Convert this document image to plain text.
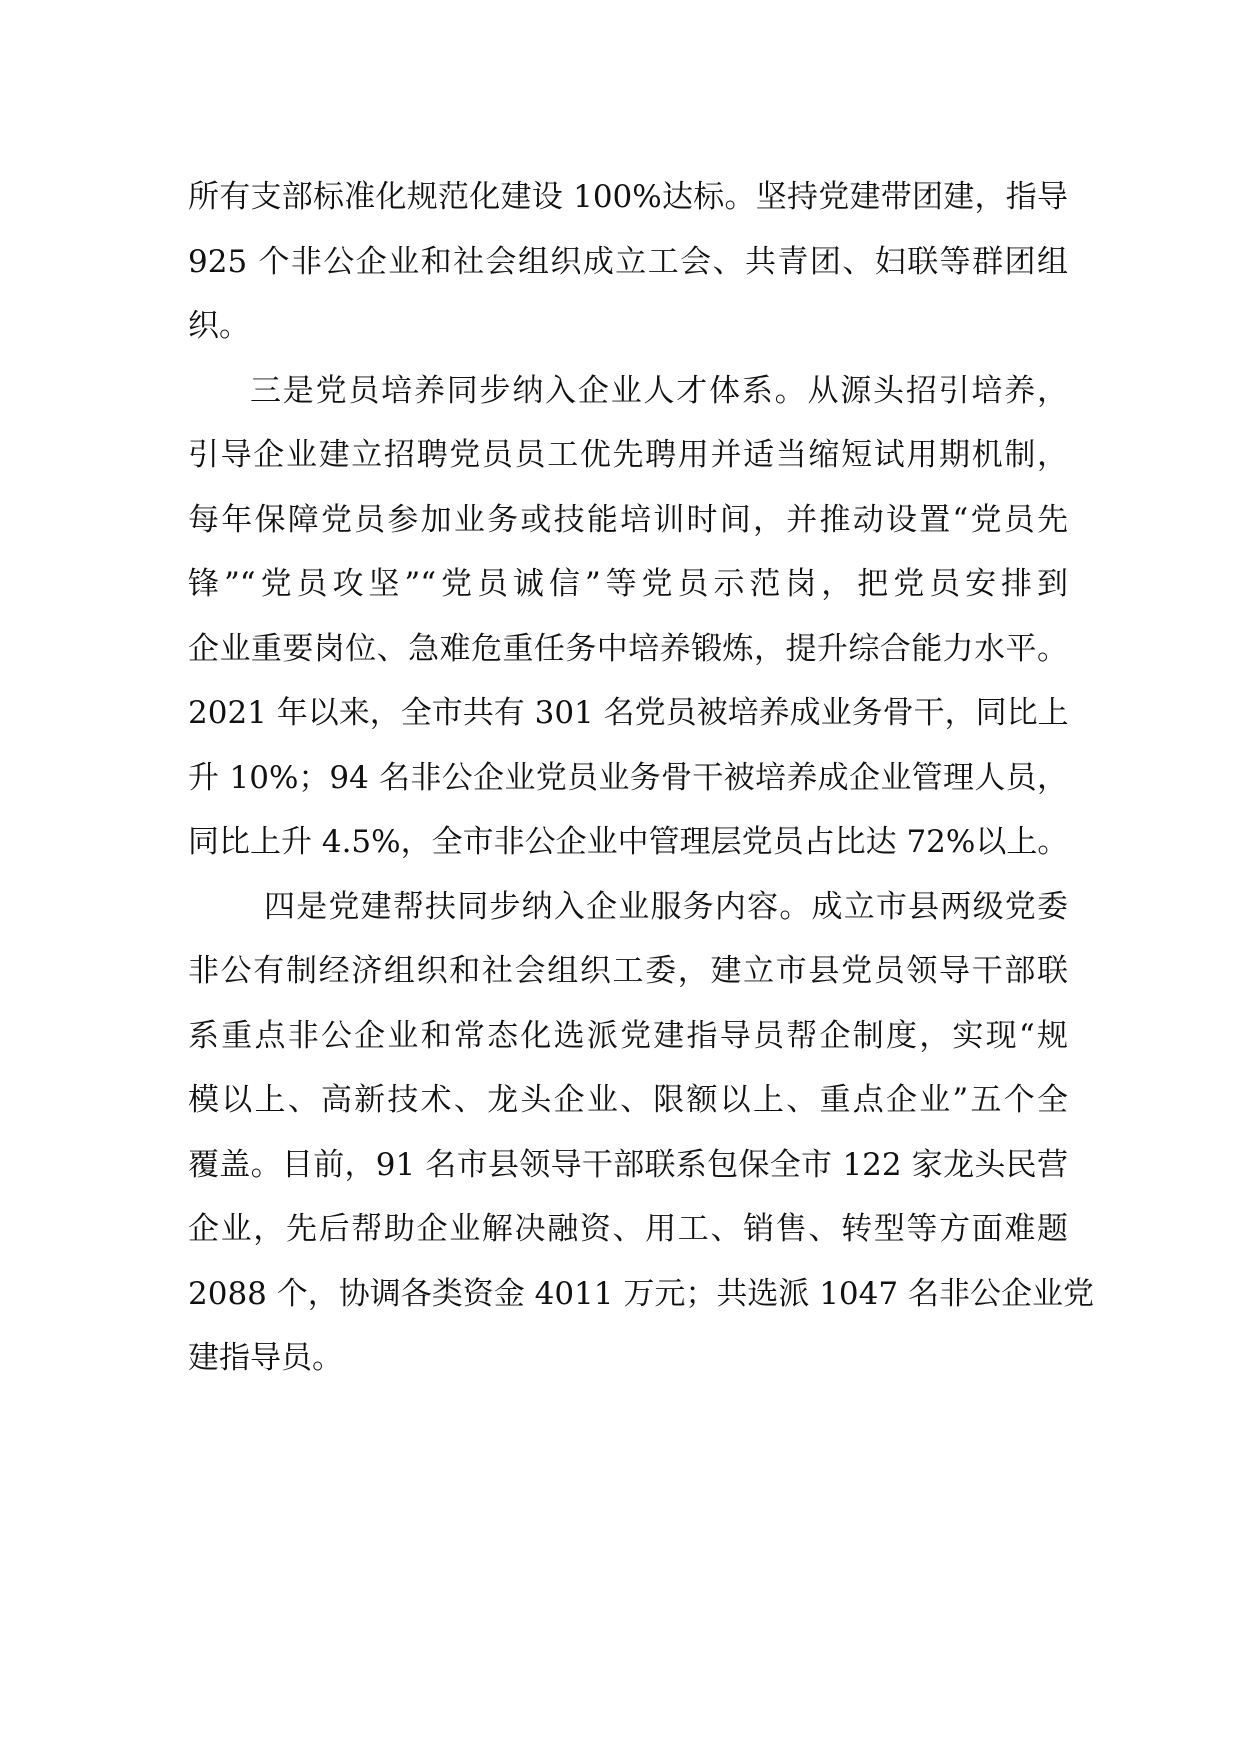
所有支部标准化规范化建设 100%达标。坚持党建带团建，指导
925 个非公企业和社会组织成立工会、共青团、妇联等群团组
织。
三是党员培养同步纳入企业人才体系。从源头招引培养，
引导企业建立招聘党员员工优先聘用并适当缩短试用期机制，
每年保障党员参加业务或技能培训时间，并推动设置“党员先
锋”“党员攻坚”“党员诚信”等党员示范岗，把党员安排到
企业重要岗位、急难危重任务中培养锻炼，提升综合能力水平。
2021 年以来，全市共有 301 名党员被培养成业务骨干，同比上
升 10%；94 名非公企业党员业务骨干被培养成企业管理人员，
同比上升 4.5%，全市非公企业中管理层党员占比达 72%以上。
四是党建帮扶同步纳入企业服务内容。成立市县两级党委
非公有制经济组织和社会组织工委，建立市县党员领导干部联
系重点非公企业和常态化选派党建指导员帮企制度，实现“规
模以上、高新技术、龙头企业、限额以上、重点企业”五个全
覆盖。目前，91 名市县领导干部联系包保全市 122 家龙头民营
企业，先后帮助企业解决融资、用工、销售、转型等方面难题
2088 个，协调各类资金 4011 万元；共选派 1047 名非公企业党
建指导员。
